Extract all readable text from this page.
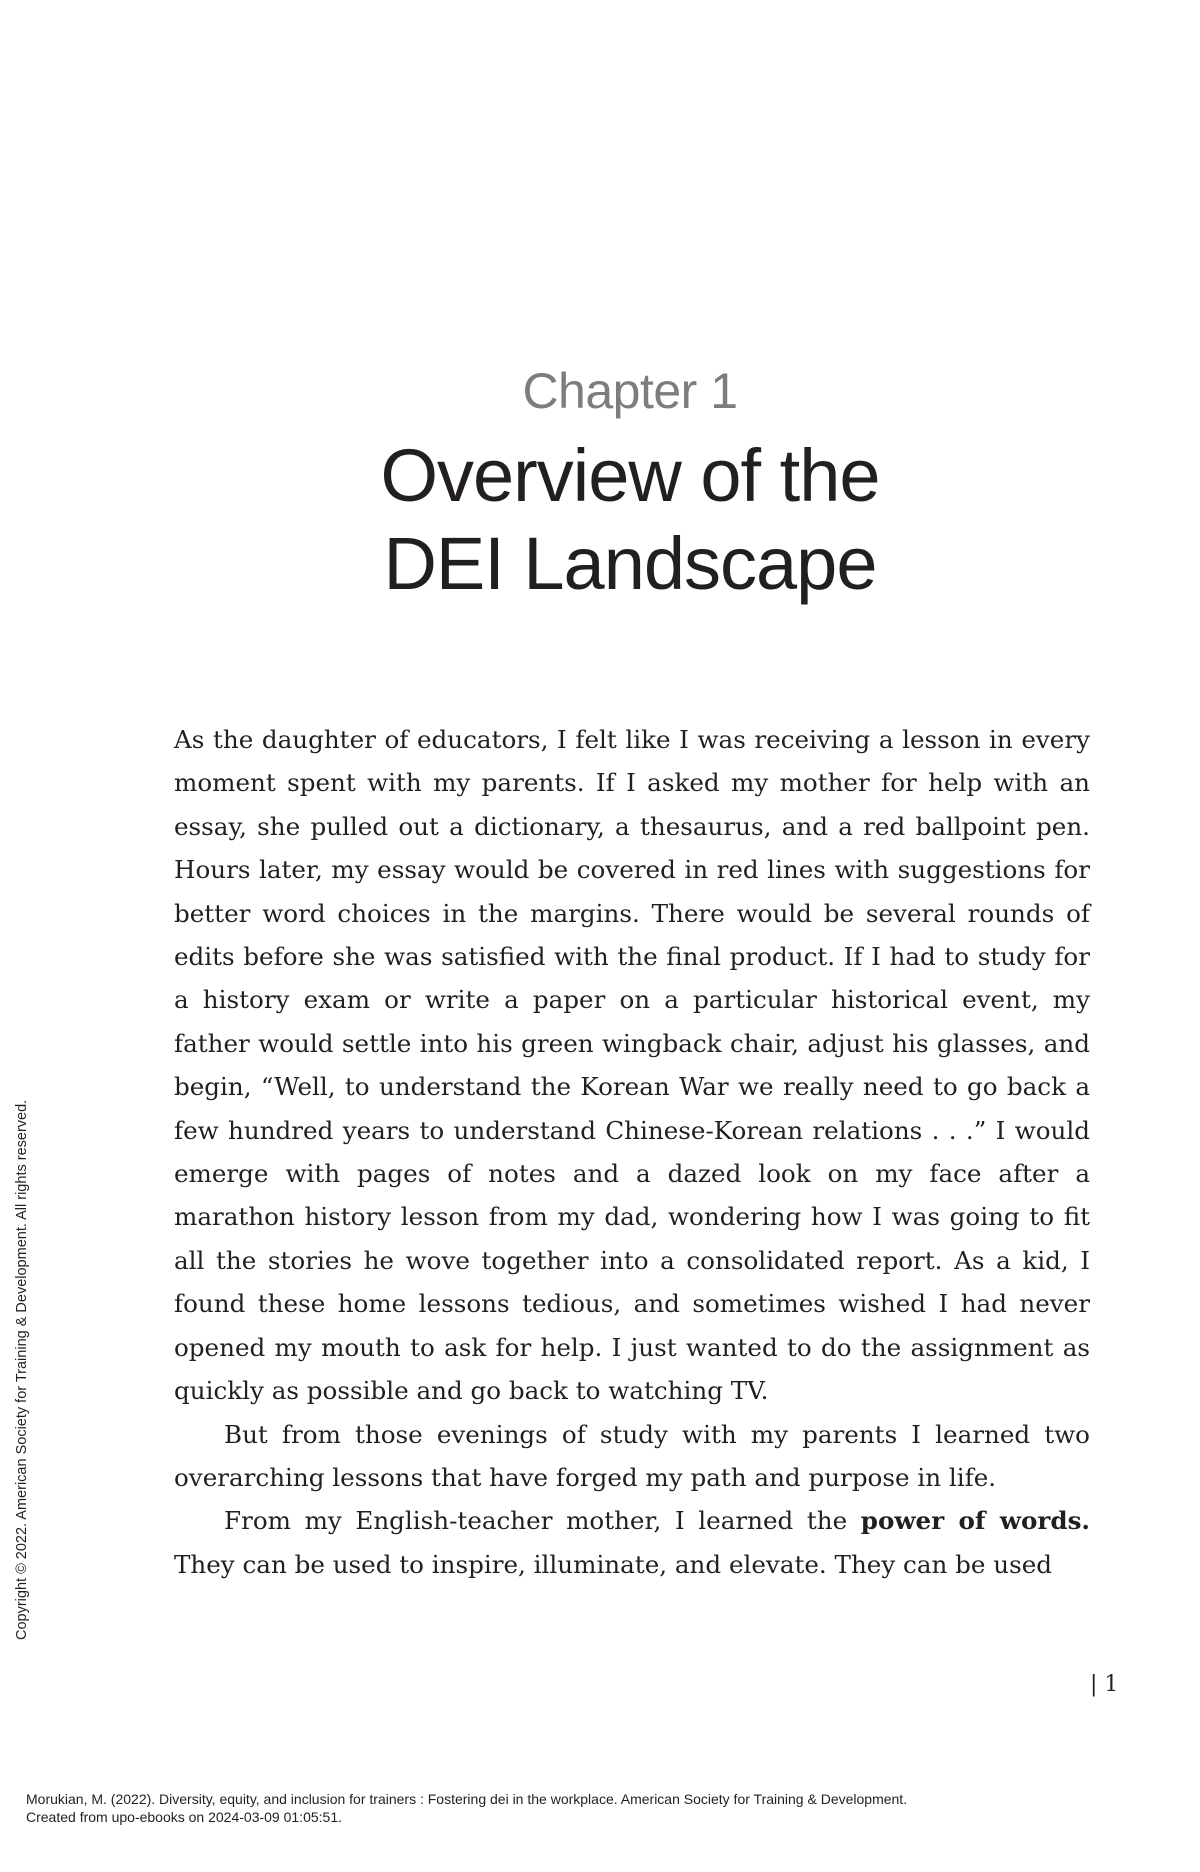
Chapter 1
Overview of the
DEI Landscape

As the daughter of educators, I felt like I was receiving a lesson in every moment spent with my parents. If I asked my mother for help with an essay, she pulled out a dictionary, a thesaurus, and a red ballpoint pen. Hours later, my essay would be covered in red lines with suggestions for better word choices in the margins. There would be several rounds of edits before she was satisfied with the final product. If I had to study for a history exam or write a paper on a particular historical event, my father would settle into his green wingback chair, adjust his glasses, and begin, “Well, to understand the Korean War we really need to go back a few hundred years to understand Chinese-Korean relations . . .” I would emerge with pages of notes and a dazed look on my face after a marathon history lesson from my dad, wondering how I was going to fit all the stories he wove together into a consolidated report. As a kid, I found these home lessons tedious, and sometimes wished I had never opened my mouth to ask for help. I just wanted to do the assignment as quickly as possible and go back to watching TV.

But from those evenings of study with my parents I learned two overarching lessons that have forged my path and purpose in life.

From my English-teacher mother, I learned the power of words. They can be used to inspire, illuminate, and elevate. They can be used

Copyright © 2022. American Society for Training & Development. All rights reserved.
| 1
Morukian, M. (2022). Diversity, equity, and inclusion for trainers : Fostering dei in the workplace. American Society for Training & Development.
Created from upo-ebooks on 2024-03-09 01:05:51.
